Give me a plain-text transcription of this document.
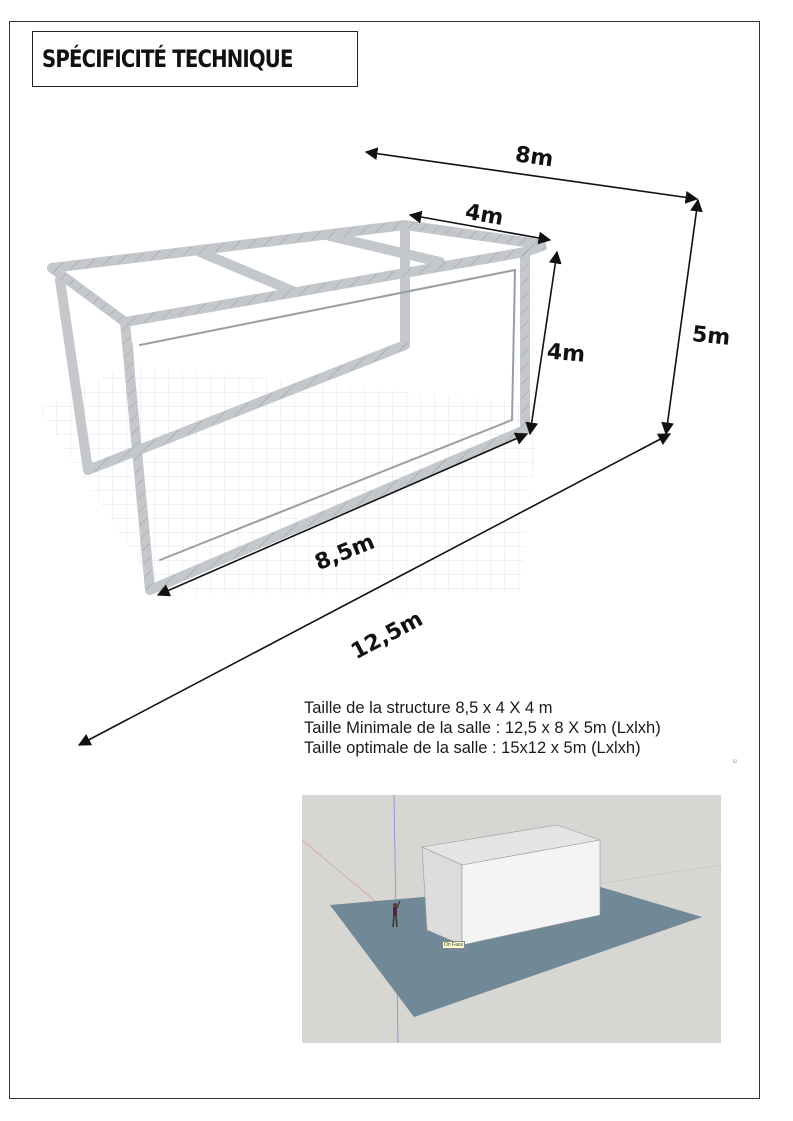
SPÉCIFICITÉ TECHNIQUE
8m
4m
4m
5m
8,5m
12,5m
Taille de la structure 8,5 x 4 X 4 m
Taille Minimale de la salle : 12,5 x 8 X 5m (Lxlxh)
Taille optimale de la salle : 15x12 x 5m (Lxlxh)
υ
On Face
